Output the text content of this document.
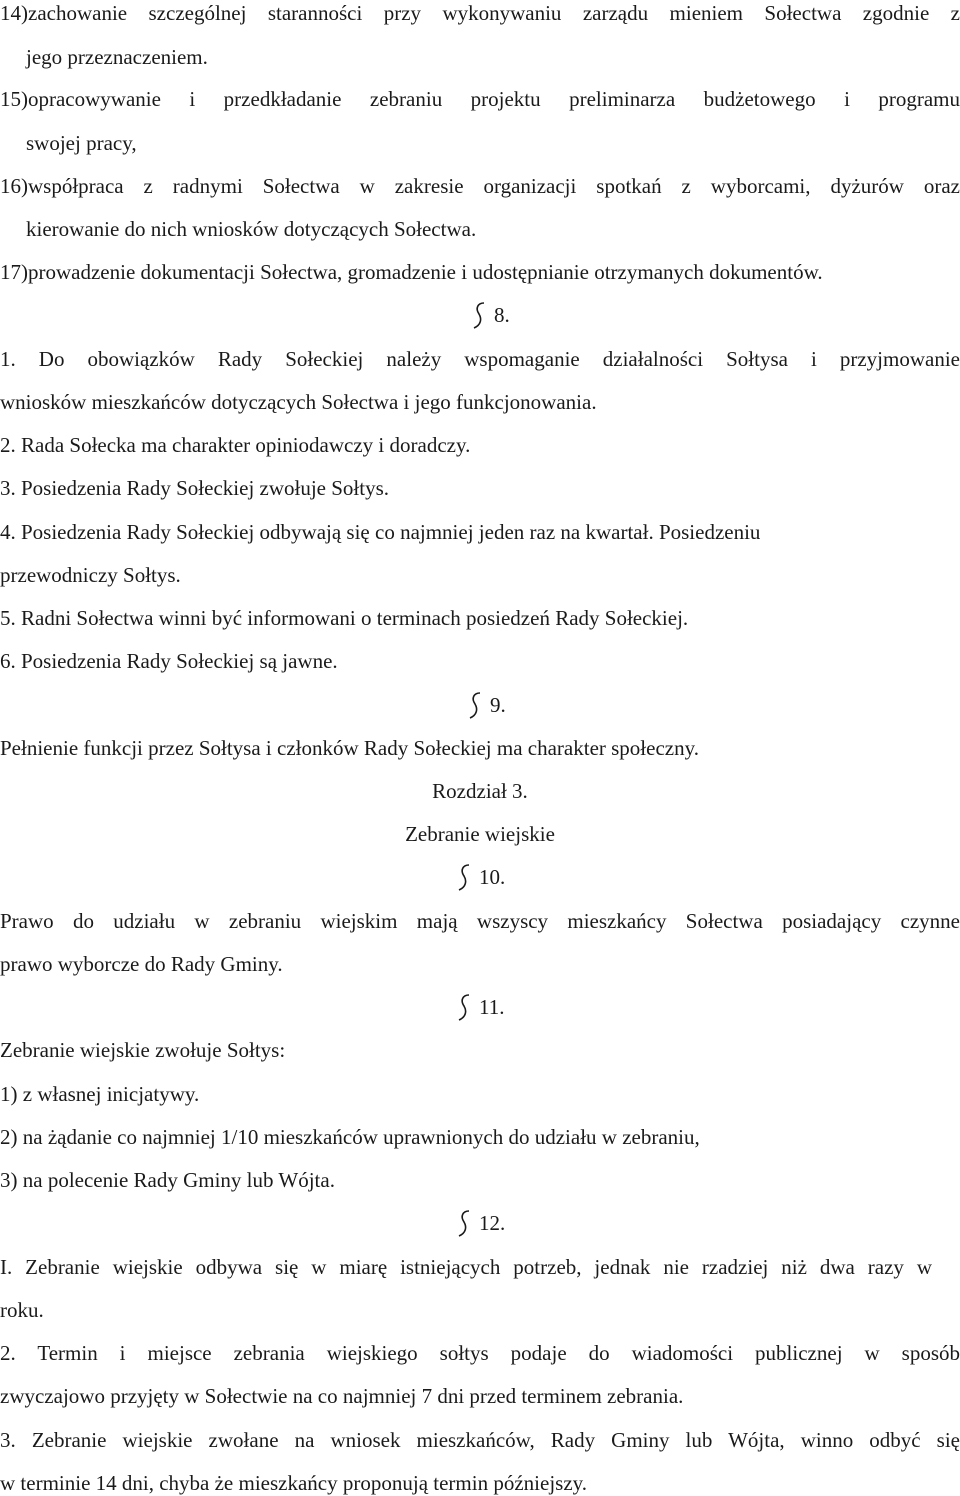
14)zachowanie szczególnej staranności przy wykonywaniu zarządu mieniem Sołectwa zgodnie z
jego przeznaczeniem.
15)opracowywanie i przedkładanie zebraniu projektu preliminarza budżetowego i programu
swojej pracy,
16)współpraca z radnymi Sołectwa w zakresie organizacji spotkań z wyborcami, dyżurów oraz
kierowanie do nich wniosków dotyczących Sołectwa.
17)prowadzenie dokumentacji Sołectwa, gromadzenie i udostępnianie otrzymanych dokumentów.
8.
1. Do obowiązków Rady Sołeckiej należy wspomaganie działalności Sołtysa i przyjmowanie
wniosków mieszkańców dotyczących Sołectwa i jego funkcjonowania.
2. Rada Sołecka ma charakter opiniodawczy i doradczy.
3. Posiedzenia Rady Sołeckiej zwołuje Sołtys.
4. Posiedzenia Rady Sołeckiej odbywają się co najmniej jeden raz na kwartał. Posiedzeniu
przewodniczy Sołtys.
5. Radni Sołectwa winni być informowani o terminach posiedzeń Rady Sołeckiej.
6. Posiedzenia Rady Sołeckiej są jawne.
9.
Pełnienie funkcji przez Sołtysa i członków Rady Sołeckiej ma charakter społeczny.
Rozdział 3.
Zebranie wiejskie
10.
Prawo do udziału w zebraniu wiejskim mają wszyscy mieszkańcy Sołectwa posiadający czynne
prawo wyborcze do Rady Gminy.
11.
Zebranie wiejskie zwołuje Sołtys:
1) z własnej inicjatywy.
2) na żądanie co najmniej 1/10 mieszkańców uprawnionych do udziału w zebraniu,
3) na polecenie Rady Gminy lub Wójta.
12.
I. Zebranie wiejskie odbywa się w miarę istniejących potrzeb, jednak nie rzadziej niż dwa razy w
roku.
2. Termin i miejsce zebrania wiejskiego sołtys podaje do wiadomości publicznej w sposób
zwyczajowo przyjęty w Sołectwie na co najmniej 7 dni przed terminem zebrania.
3. Zebranie wiejskie zwołane na wniosek mieszkańców, Rady Gminy lub Wójta, winno odbyć się
w terminie 14 dni, chyba że mieszkańcy proponują termin późniejszy.
